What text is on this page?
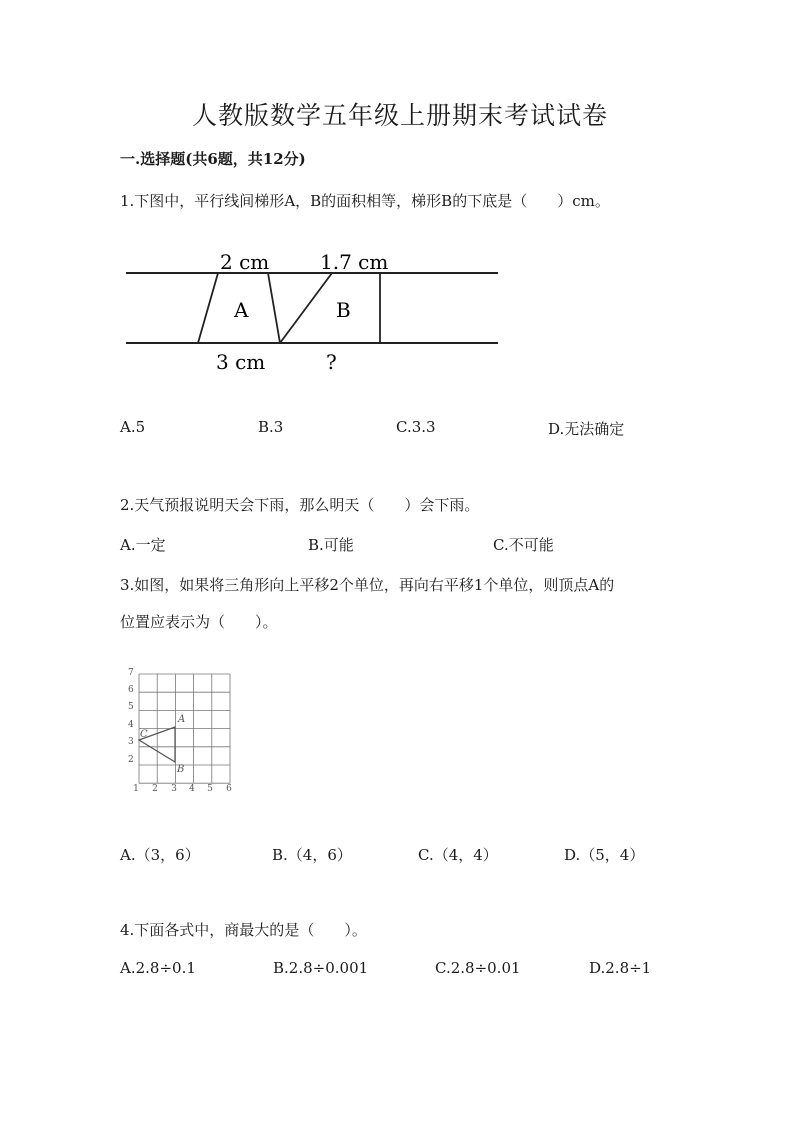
人教版数学五年级上册期末考试试卷
一.选择题(共6题，共12分)
1.下图中，平行线间梯形A，B的面积相等，梯形B的下底是（　　）cm。
2 cm	1.7 cm
A	B
3 cm	?
A.5	B.3	C.3.3	D.无法确定
2.天气预报说明天会下雨，那么明天（　　）会下雨。
A.一定	B.可能	C.不可能
3.如图，如果将三角形向上平移2个单位，再向右平移1个单位，则顶点A的
位置应表示为（　　）。
A
B
C
1 2 3 4 5 6
2
3
4
5
6
7
A.（3，6）	B.（4，6）	C.（4，4）	D.（5，4）
4.下面各式中，商最大的是（　　）。
A.2.8÷0.1	B.2.8÷0.001	C.2.8÷0.01	D.2.8÷1
